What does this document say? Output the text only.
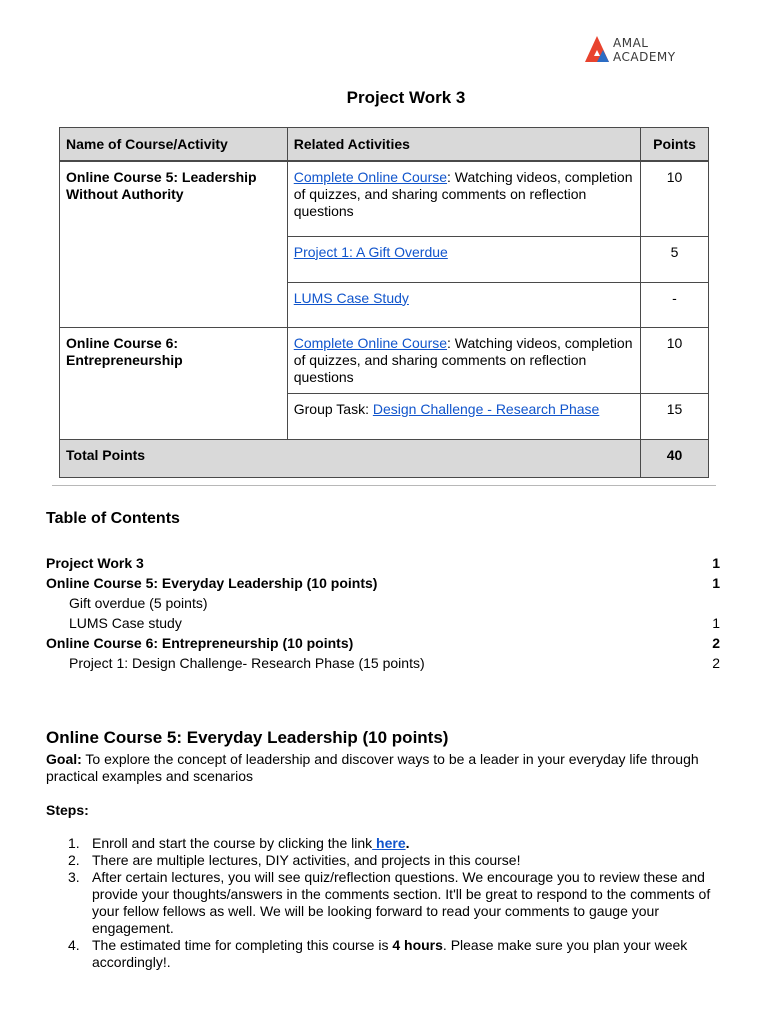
AMAL
ACADEMY
Project Work 3
Name of Course/Activity	Related Activities	Points
Online Course 5: Leadership Without Authority	Complete Online Course: Watching videos, completion of quizzes, and sharing comments on reflection questions	10
	Project 1: A Gift Overdue	5
	LUMS Case Study	-
Online Course 6: Entrepreneurship	Complete Online Course: Watching videos, completion of quizzes, and sharing comments on reflection questions	10
	Group Task: Design Challenge - Research Phase	15
Total Points		40
Table of Contents
Project Work 3	1
Online Course 5: Everyday Leadership (10 points)	1
Gift overdue (5 points)
LUMS Case study	1
Online Course 6: Entrepreneurship (10 points)	2
Project 1: Design Challenge- Research Phase (15 points)	2
Online Course 5: Everyday Leadership (10 points)
Goal: To explore the concept of leadership and discover ways to be a leader in your everyday life through practical examples and scenarios
Steps:
1. Enroll and start the course by clicking the link here.
2. There are multiple lectures, DIY activities, and projects in this course!
3. After certain lectures, you will see quiz/reflection questions. We encourage you to review these and provide your thoughts/answers in the comments section. It'll be great to respond to the comments of your fellow fellows as well. We will be looking forward to read your comments to gauge your engagement.
4. The estimated time for completing this course is 4 hours. Please make sure you plan your week accordingly!.
